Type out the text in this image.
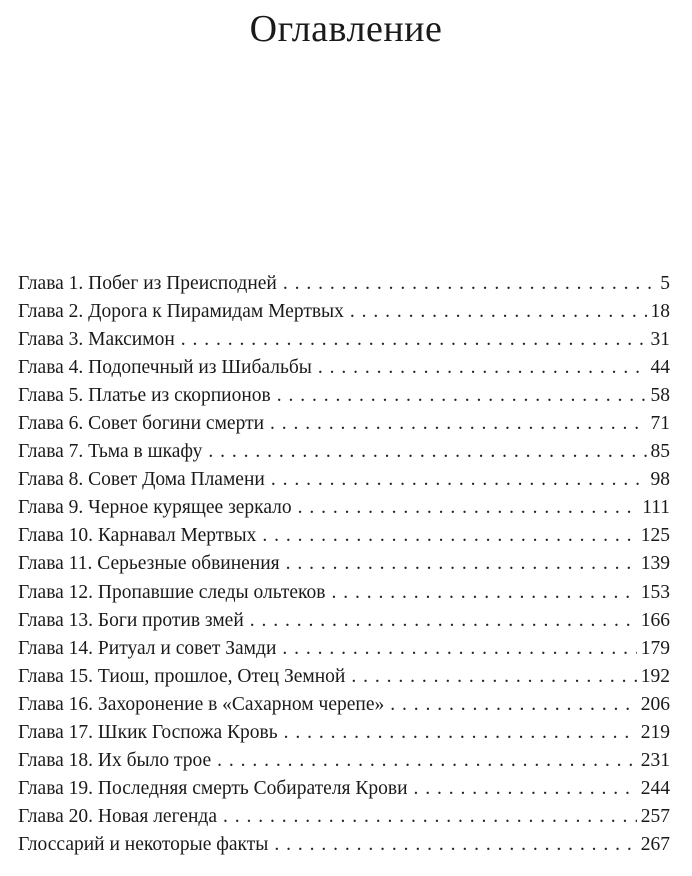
Оглавление
Глава 1. Побег из Преисподней . . .	5
Глава 2. Дорога к Пирамидам Мертвых . . .	18
Глава 3. Максимон . . .	31
Глава 4. Подопечный из Шибальбы . . .	44
Глава 5. Платье из скорпионов . . .	58
Глава 6. Совет богини смерти . . .	71
Глава 7. Тьма в шкафу . . .	85
Глава 8. Совет Дома Пламени . . .	98
Глава 9. Черное курящее зеркало . . .	111
Глава 10. Карнавал Мертвых . . .	125
Глава 11. Серьезные обвинения . . .	139
Глава 12. Пропавшие следы ольтеков . . .	153
Глава 13. Боги против змей . . .	166
Глава 14. Ритуал и совет Замди . . .	179
Глава 15. Тиош, прошлое, Отец Земной . . .	192
Глава 16. Захоронение в «Сахарном черепе» . . .	206
Глава 17. Шкик Госпожа Кровь . . .	219
Глава 18. Их было трое . . .	231
Глава 19. Последняя смерть Собирателя Крови . . .	244
Глава 20. Новая легенда . . .	257
Глоссарий и некоторые факты . . .	267
